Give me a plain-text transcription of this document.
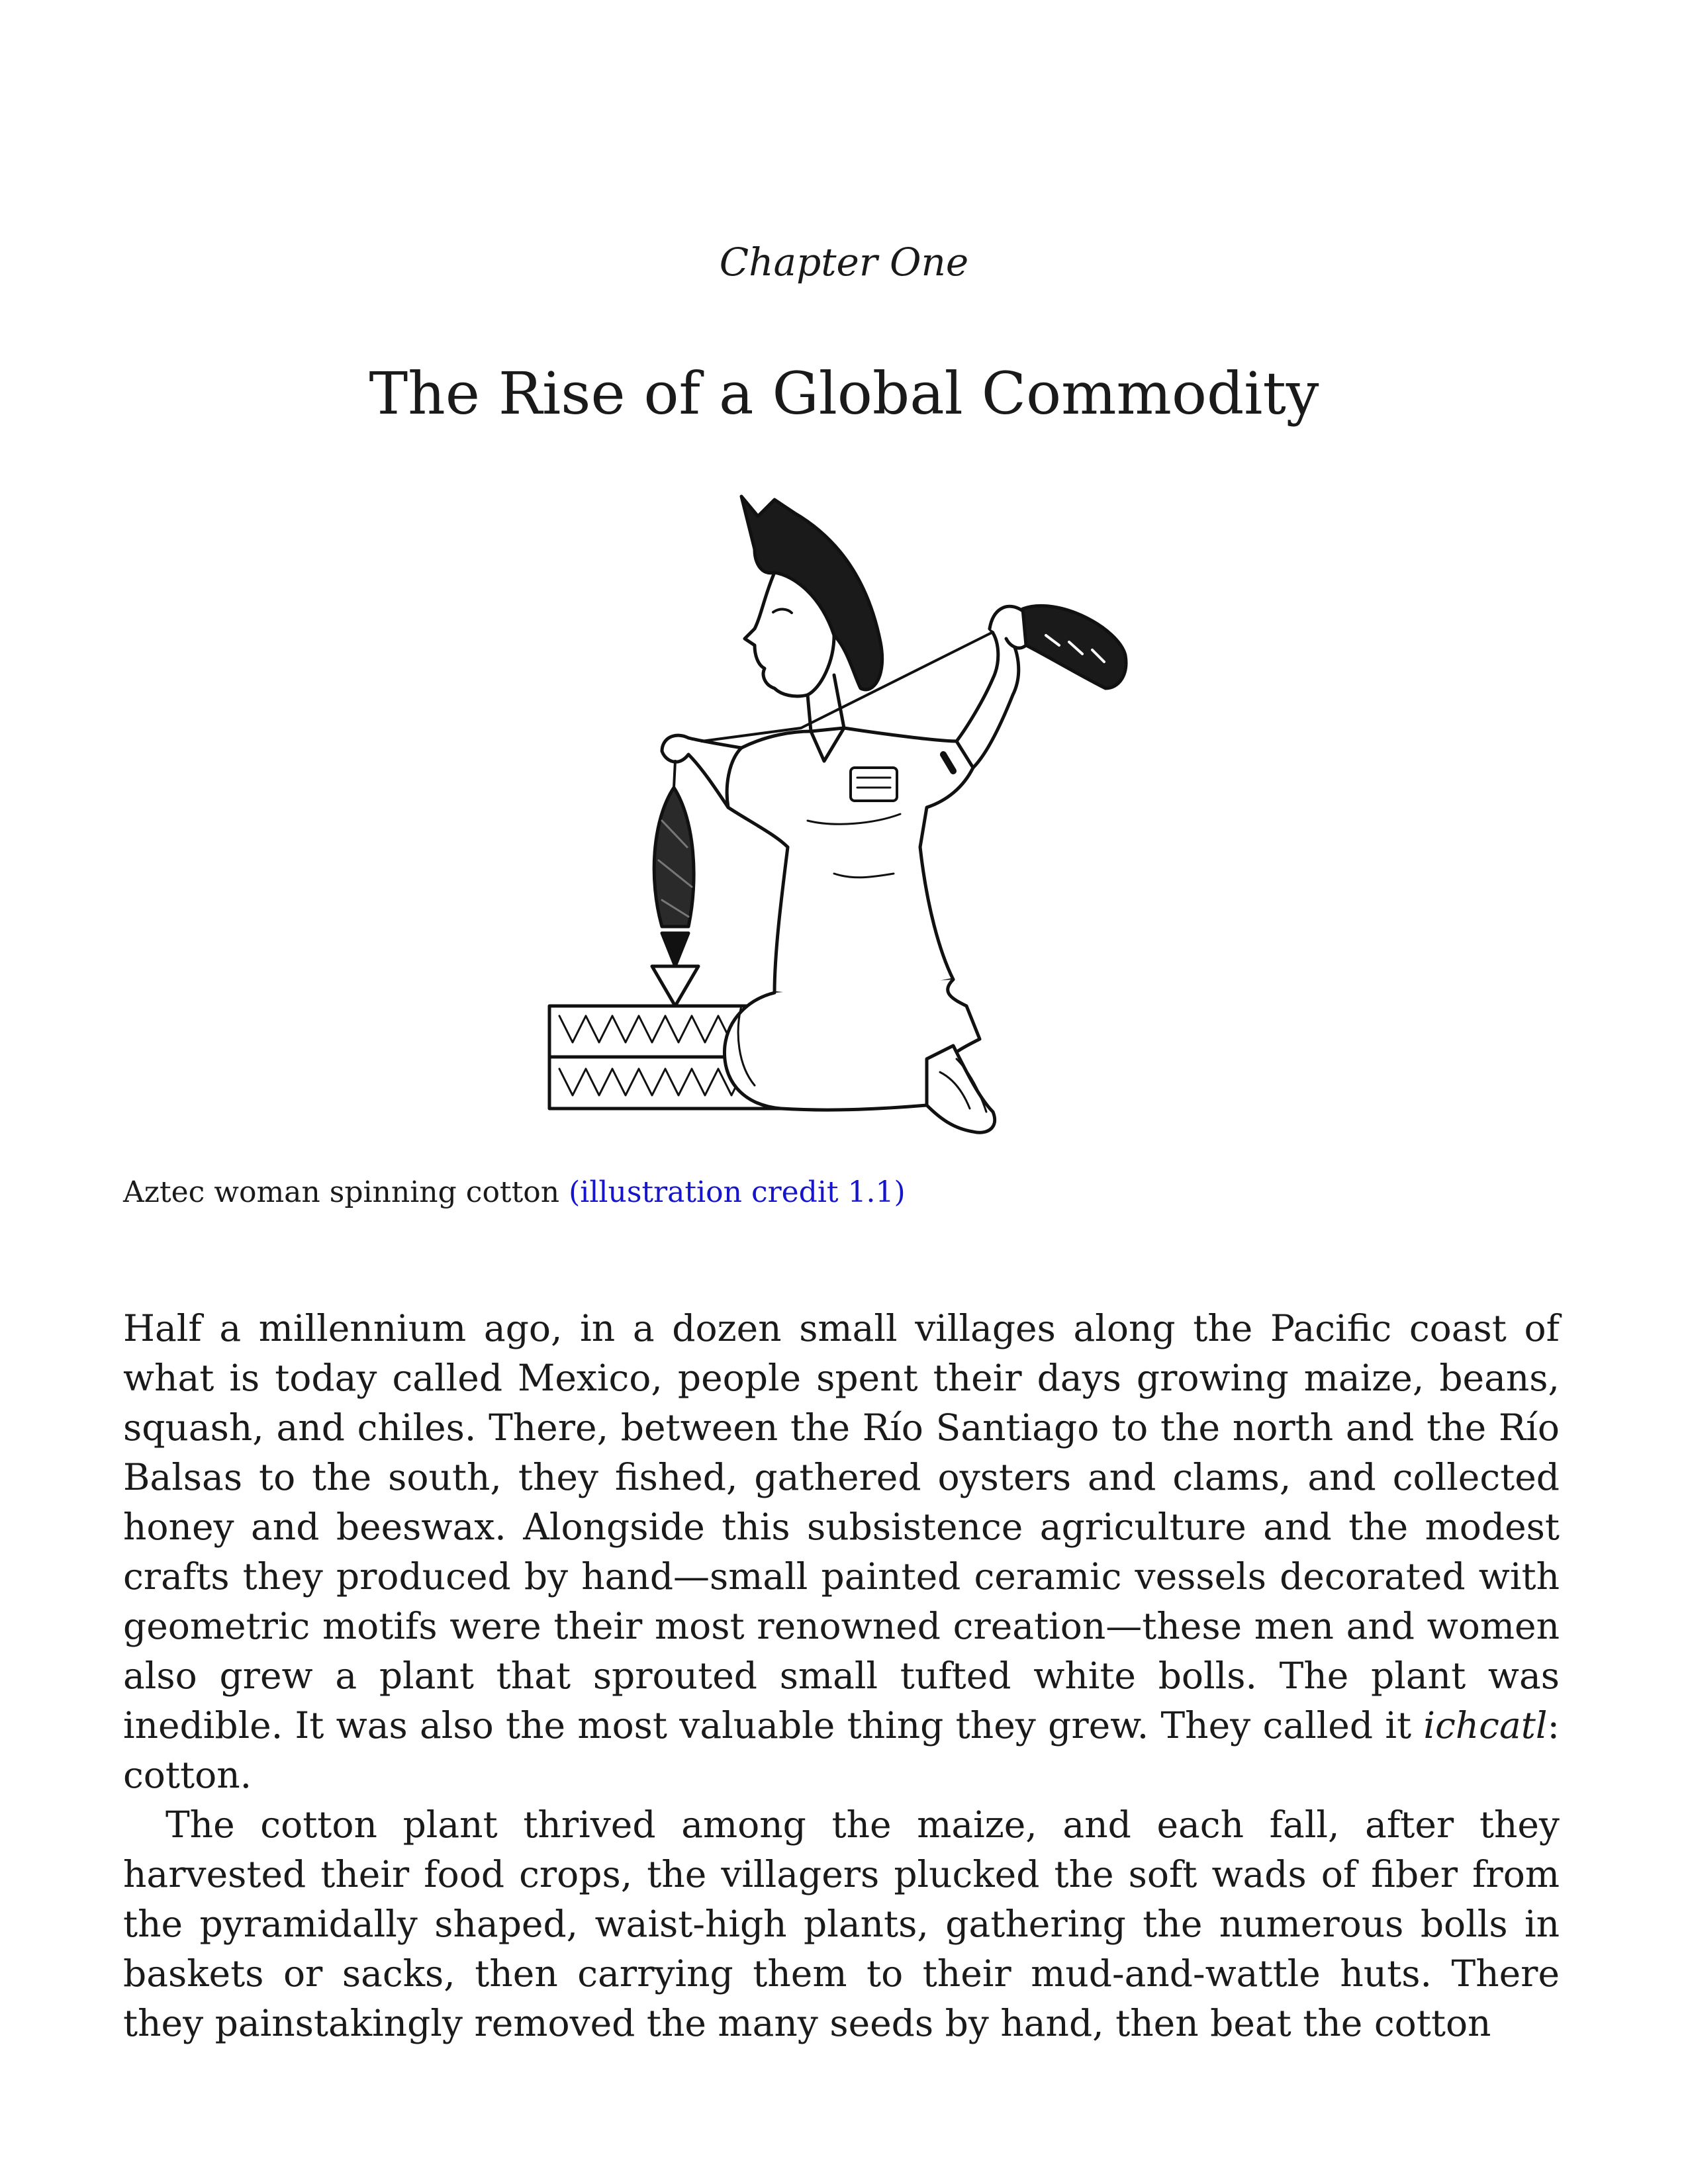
Chapter One
The Rise of a Global Commodity
Aztec woman spinning cotton (illustration credit 1.1)

Half a millennium ago, in a dozen small villages along the Pacific coast of what is today called Mexico, people spent their days growing maize, beans, squash, and chiles. There, between the Río Santiago to the north and the Río Balsas to the south, they fished, gathered oysters and clams, and collected honey and beeswax. Alongside this subsistence agriculture and the modest crafts they produced by hand—small painted ceramic vessels decorated with geometric motifs were their most renowned creation—these men and women also grew a plant that sprouted small tufted white bolls. The plant was inedible. It was also the most valuable thing they grew. They called it ichcatl: cotton.

The cotton plant thrived among the maize, and each fall, after they harvested their food crops, the villagers plucked the soft wads of fiber from the pyramidally shaped, waist-high plants, gathering the numerous bolls in baskets or sacks, then carrying them to their mud-and-wattle huts. There they painstakingly removed the many seeds by hand, then beat the cotton
